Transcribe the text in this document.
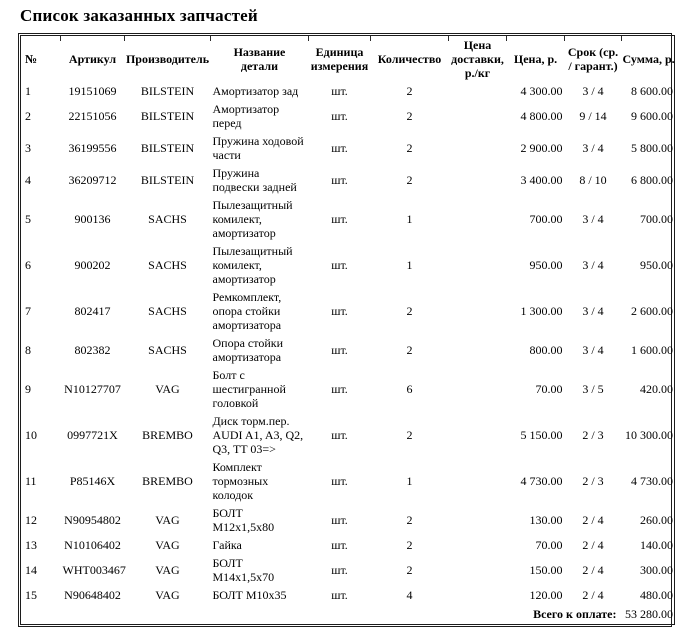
Список заказанных запчастей
№	Артикул	Производитель	Название детали	Единица измерения	Количество	Цена доставки, р./кг	Цена, р.	Срок (ср. / гарант.)	Сумма, р.
1	19151069	BILSTEIN	Амортизатор зад	шт.	2		4 300.00	3 / 4	8 600.00
2	22151056	BILSTEIN	Амортизатор перед	шт.	2		4 800.00	9 / 14	9 600.00
3	36199556	BILSTEIN	Пружина ходовой части	шт.	2		2 900.00	3 / 4	5 800.00
4	36209712	BILSTEIN	Пружина подвески задней	шт.	2		3 400.00	8 / 10	6 800.00
5	900136	SACHS	Пылезащитный комилект, амортизатор	шт.	1		700.00	3 / 4	700.00
6	900202	SACHS	Пылезащитный комилект, амортизатор	шт.	1		950.00	3 / 4	950.00
7	802417	SACHS	Ремкомплект, опора стойки амортизатора	шт.	2		1 300.00	3 / 4	2 600.00
8	802382	SACHS	Опора стойки амортизатора	шт.	2		800.00	3 / 4	1 600.00
9	N10127707	VAG	Болт с шестигранной головкой	шт.	6		70.00	3 / 5	420.00
10	0997721X	BREMBO	Диск торм.пер. AUDI A1, A3, Q2, Q3, TT 03=>	шт.	2		5 150.00	2 / 3	10 300.00
11	P85146X	BREMBO	Комплект тормозных колодок	шт.	1		4 730.00	2 / 3	4 730.00
12	N90954802	VAG	БОЛТ M12x1,5x80	шт.	2		130.00	2 / 4	260.00
13	N10106402	VAG	Гайка	шт.	2		70.00	2 / 4	140.00
14	WHT003467	VAG	БОЛТ M14x1,5x70	шт.	2		150.00	2 / 4	300.00
15	N90648402	VAG	БОЛТ M10x35	шт.	4		120.00	2 / 4	480.00
Всего к оплате:									53 280.00
